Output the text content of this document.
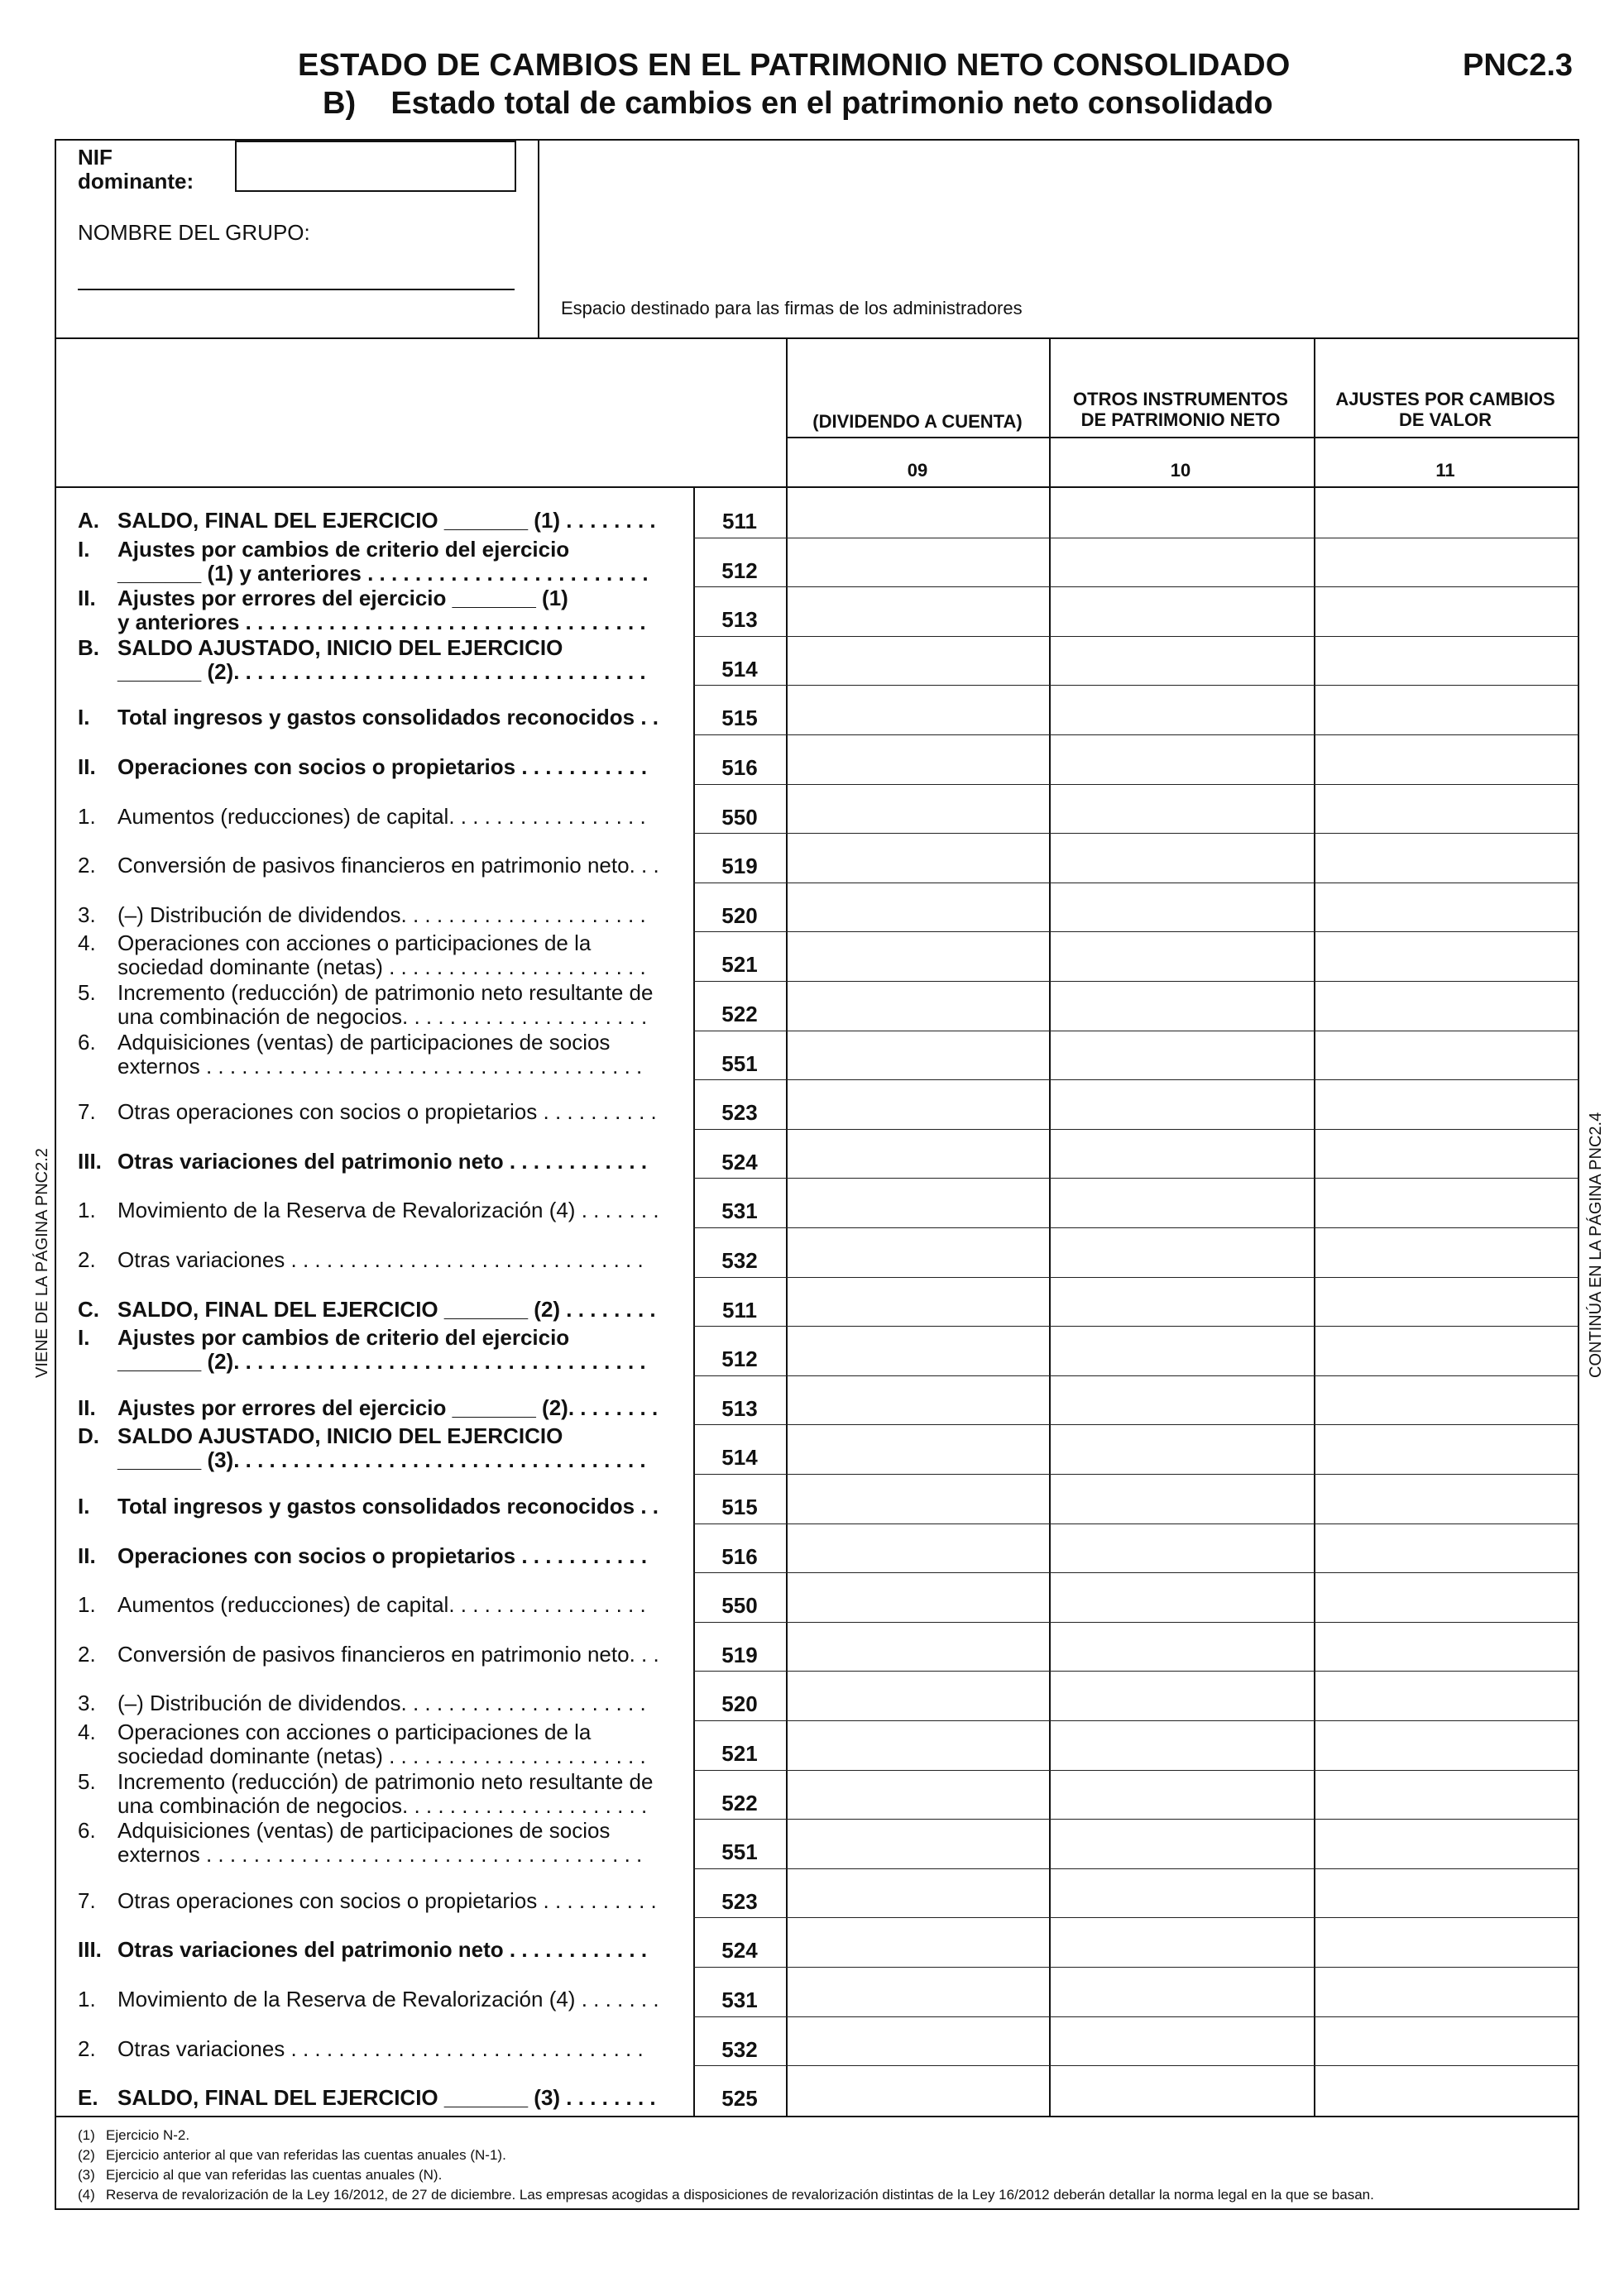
ESTADO DE CAMBIOS EN EL PATRIMONIO NETO CONSOLIDADO
B)    Estado total de cambios en el patrimonio neto consolidado
PNC2.3
NIF
dominante:
NOMBRE DEL GRUPO:
Espacio destinado para las firmas de los administradores
(DIVIDENDO A CUENTA)
09
OTROS INSTRUMENTOS
DE PATRIMONIO NETO
10
AJUSTES POR CAMBIOS
DE VALOR
11
A. SALDO, FINAL DEL EJERCICIO _______ (1) . . . . . . . .	511
I. Ajustes por cambios de criterio del ejercicio
_______ (1) y anteriores . . . . . . . . . . . . . . . . . . . . . . . .	512
II. Ajustes por errores del ejercicio _______ (1)
y anteriores . . . . . . . . . . . . . . . . . . . . . . . . . . . . . . . . . .	513
B. SALDO AJUSTADO, INICIO DEL EJERCICIO
_______ (2). . . . . . . . . . . . . . . . . . . . . . . . . . . . . . . . . . .	514
I. Total ingresos y gastos consolidados reconocidos . .	515
II. Operaciones con socios o propietarios . . . . . . . . . . .	516
1. Aumentos (reducciones) de capital. . . . . . . . . . . . . . . . .	550
2. Conversión de pasivos financieros en patrimonio neto. . .	519
3. (–) Distribución de dividendos. . . . . . . . . . . . . . . . . . . . .	520
4. Operaciones con acciones o participaciones de la
sociedad dominante (netas) . . . . . . . . . . . . . . . . . . . . . .	521
5. Incremento (reducción) de patrimonio neto resultante de
una combinación de negocios. . . . . . . . . . . . . . . . . . . . .	522
6. Adquisiciones (ventas) de participaciones de socios
externos . . . . . . . . . . . . . . . . . . . . . . . . . . . . . . . . . . . . .	551
7. Otras operaciones con socios o propietarios . . . . . . . . . .	523
III. Otras variaciones del patrimonio neto . . . . . . . . . . . .	524
1. Movimiento de la Reserva de Revalorización (4) . . . . . . .	531
2. Otras variaciones . . . . . . . . . . . . . . . . . . . . . . . . . . . . . .	532
C. SALDO, FINAL DEL EJERCICIO _______ (2) . . . . . . . .	511
I. Ajustes por cambios de criterio del ejercicio
_______ (2). . . . . . . . . . . . . . . . . . . . . . . . . . . . . . . . . . .	512
II. Ajustes por errores del ejercicio _______ (2). . . . . . . .	513
D. SALDO AJUSTADO, INICIO DEL EJERCICIO
_______ (3). . . . . . . . . . . . . . . . . . . . . . . . . . . . . . . . . . .	514
I. Total ingresos y gastos consolidados reconocidos . .	515
II. Operaciones con socios o propietarios . . . . . . . . . . .	516
1. Aumentos (reducciones) de capital. . . . . . . . . . . . . . . . .	550
2. Conversión de pasivos financieros en patrimonio neto. . .	519
3. (–) Distribución de dividendos. . . . . . . . . . . . . . . . . . . . .	520
4. Operaciones con acciones o participaciones de la
sociedad dominante (netas) . . . . . . . . . . . . . . . . . . . . . .	521
5. Incremento (reducción) de patrimonio neto resultante de
una combinación de negocios. . . . . . . . . . . . . . . . . . . . .	522
6. Adquisiciones (ventas) de participaciones de socios
externos . . . . . . . . . . . . . . . . . . . . . . . . . . . . . . . . . . . . .	551
7. Otras operaciones con socios o propietarios . . . . . . . . . .	523
III. Otras variaciones del patrimonio neto . . . . . . . . . . . .	524
1. Movimiento de la Reserva de Revalorización (4) . . . . . . .	531
2. Otras variaciones . . . . . . . . . . . . . . . . . . . . . . . . . . . . . .	532
E. SALDO, FINAL DEL EJERCICIO _______ (3) . . . . . . . .	525
(1) Ejercicio N-2.
(2) Ejercicio anterior al que van referidas las cuentas anuales (N-1).
(3) Ejercicio al que van referidas las cuentas anuales (N).
(4) Reserva de revalorización de la Ley 16/2012, de 27 de diciembre. Las empresas acogidas a disposiciones de revalorización distintas de la Ley 16/2012 deberán detallar la norma legal en la que se basan.
VIENE DE LA PÁGINA PNC2.2	CONTINÚA EN LA PÁGINA PNC2.4
